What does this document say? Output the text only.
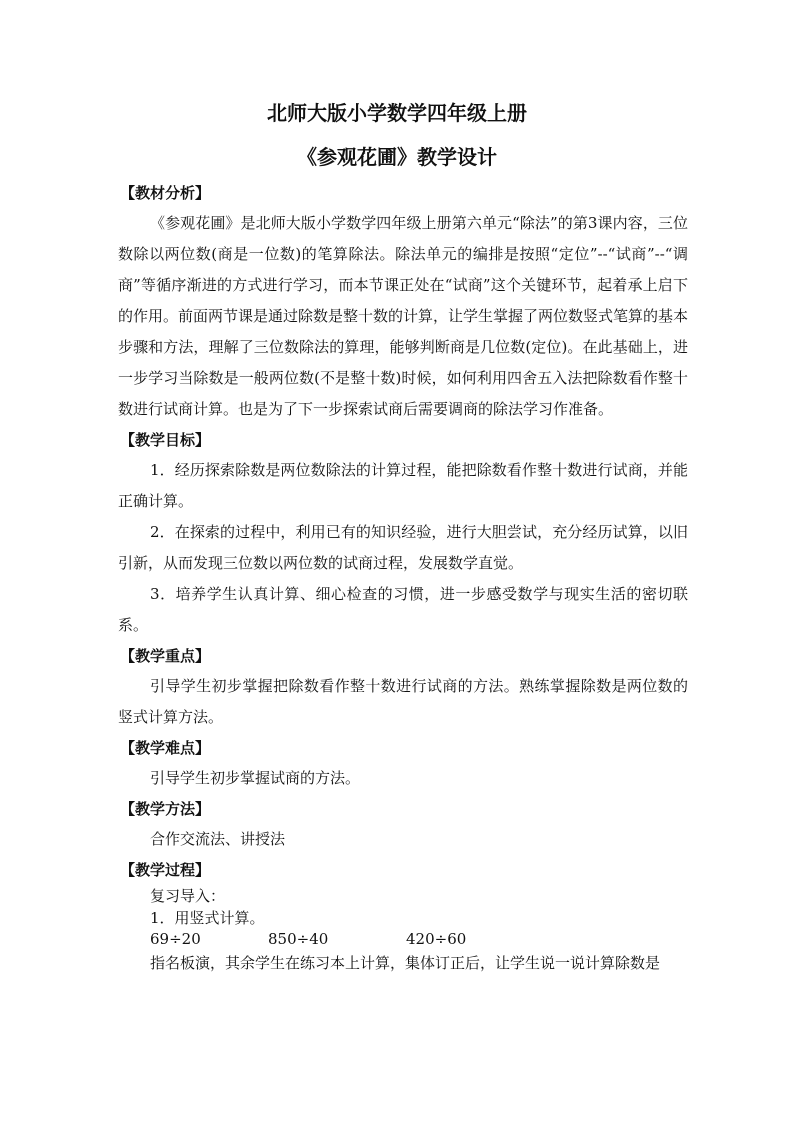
北师大版小学数学四年级上册
《参观花圃》教学设计
【教材分析】

《参观花圃》是北师大版小学数学四年级上册第六单元“除法”的第3课内容，三位数除以两位数(商是一位数)的笔算除法。除法单元的编排是按照“定位”--“试商”--“调商”等循序渐进的方式进行学习，而本节课正处在“试商”这个关键环节，起着承上启下的作用。前面两节课是通过除数是整十数的计算，让学生掌握了两位数竖式笔算的基本步骤和方法，理解了三位数除法的算理，能够判断商是几位数(定位)。在此基础上，进一步学习当除数是一般两位数(不是整十数)时候，如何利用四舍五入法把除数看作整十数进行试商计算。也是为了下一步探索试商后需要调商的除法学习作准备。

【教学目标】

1．经历探索除数是两位数除法的计算过程，能把除数看作整十数进行试商，并能正确计算。

2．在探索的过程中，利用已有的知识经验，进行大胆尝试，充分经历试算，以旧引新，从而发现三位数以两位数的试商过程，发展数学直觉。

3．培养学生认真计算、细心检查的习惯，进一步感受数学与现实生活的密切联系。

【教学重点】

引导学生初步掌握把除数看作整十数进行试商的方法。熟练掌握除数是两位数的竖式计算方法。

【教学难点】

引导学生初步掌握试商的方法。

【教学方法】

合作交流法、讲授法

【教学过程】

复习导入：

1．用竖式计算。

69÷20	850÷40	420÷60

指名板演，其余学生在练习本上计算，集体订正后，让学生说一说计算除数是
